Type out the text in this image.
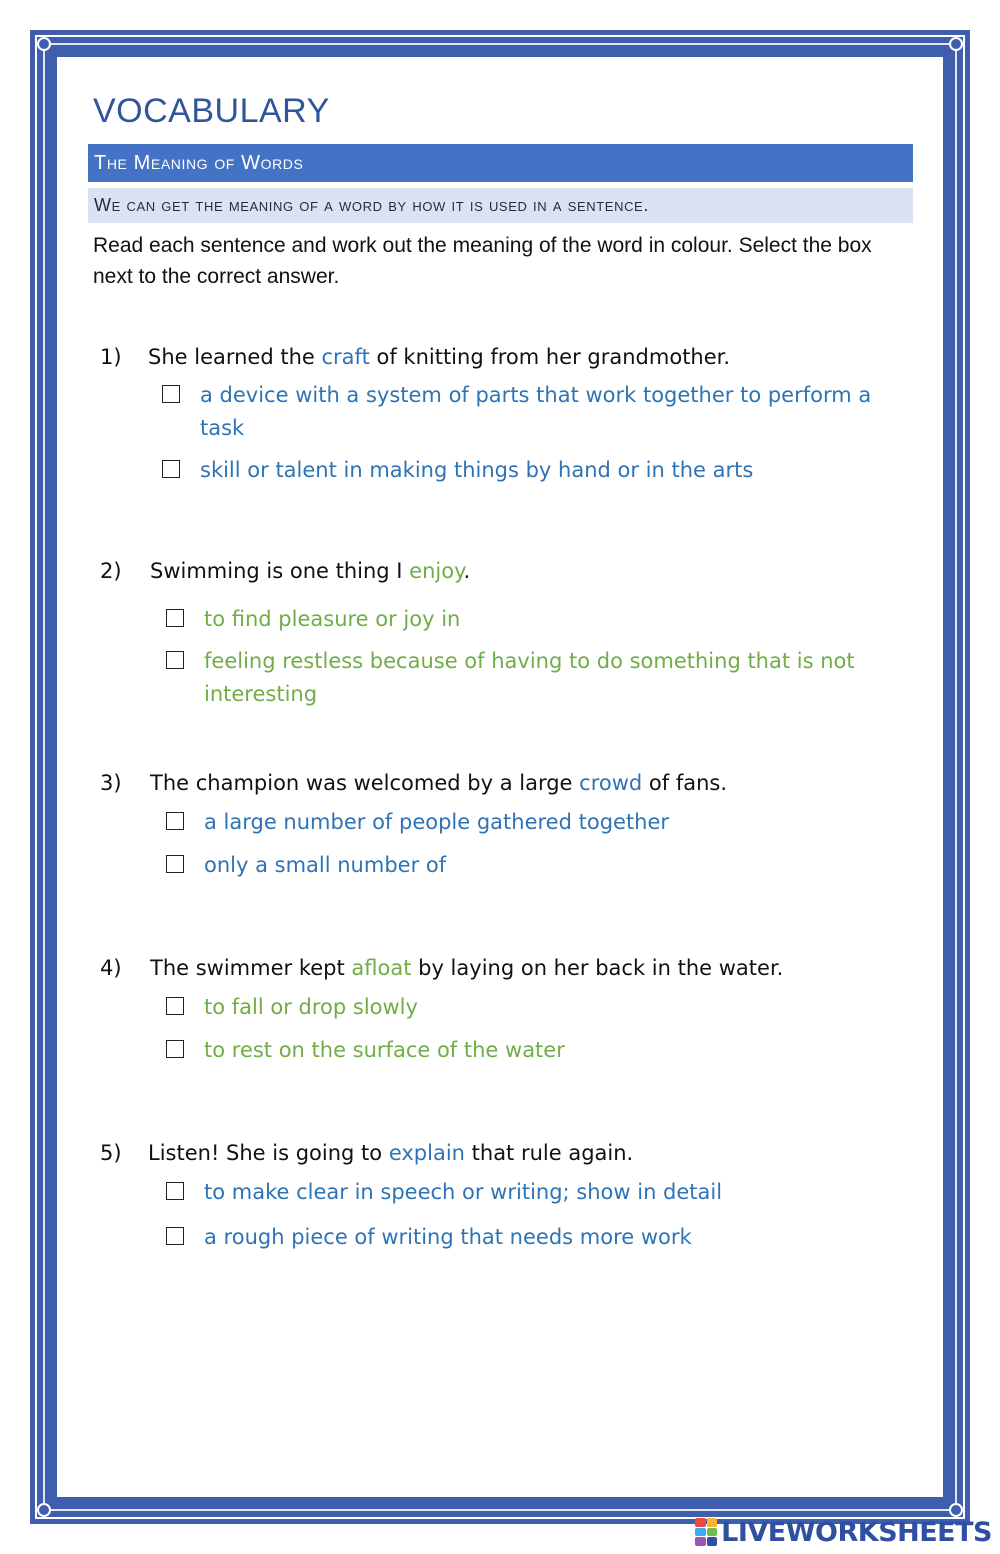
VOCABULARY
The Meaning of Words
We can get the meaning of a word by how it is used in a sentence.

Read each sentence and work out the meaning of the word in colour. Select the box next to the correct answer.

1)	She learned the craft of knitting from her grandmother.
a device with a system of parts that work together to perform a task
skill or talent in making things by hand or in the arts
2)	Swimming is one thing I enjoy.
to find pleasure or joy in
feeling restless because of having to do something that is not interesting
3)	The champion was welcomed by a large crowd of fans.
a large number of people gathered together
only a small number of
4)	The swimmer kept afloat by laying on her back in the water.
to fall or drop slowly
to rest on the surface of the water
5)	Listen! She is going to explain that rule again.
to make clear in speech or writing; show in detail
a rough piece of writing that needs more work
LIVEWORKSHEETS
